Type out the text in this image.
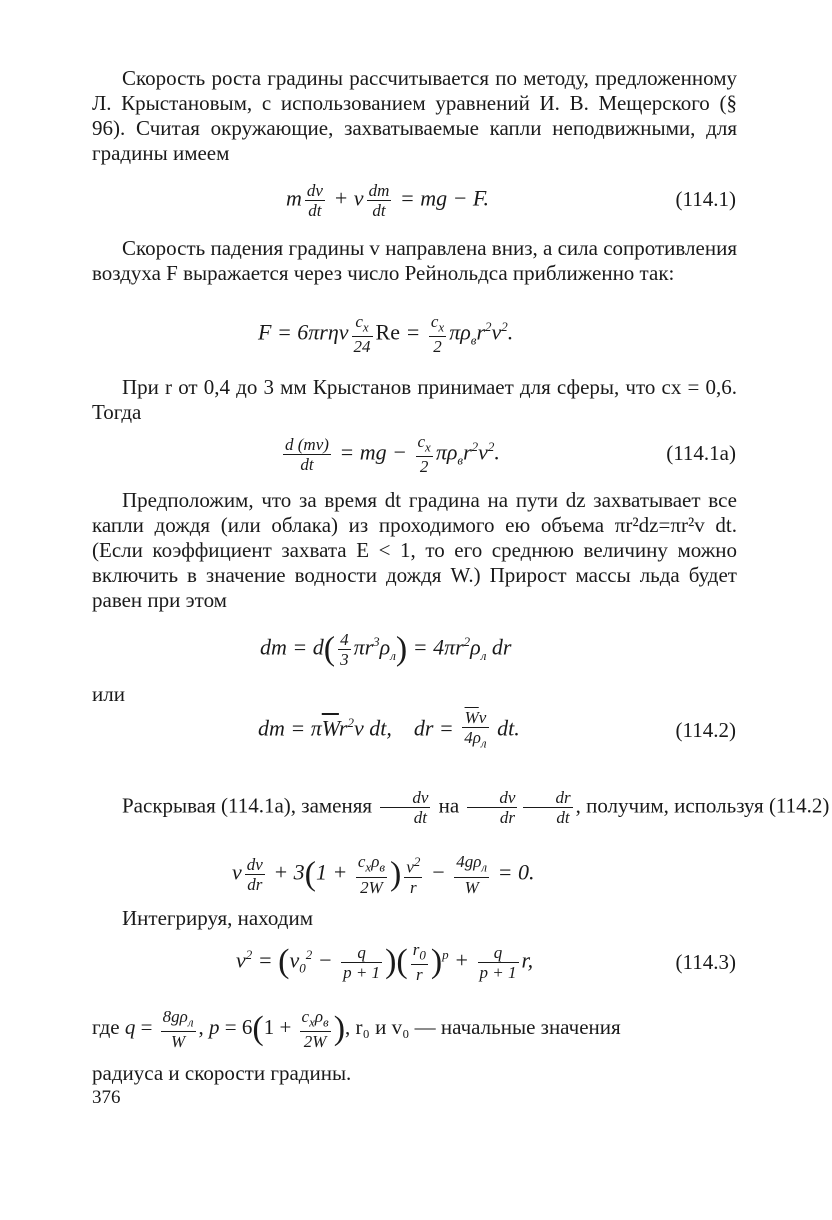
Скорость роста градины рассчитывается по методу, предложенному Л. Крыстановым, с использованием уравнений И. В. Мещерского (§ 96). Считая окружающие, захватываемые капли неподвижными, для градины имеем
m $\frac{dv}{dt} + v \frac{dm}{dt}$ = mg − F.	(114.1)
Скорость падения градины v направлена вниз, а сила сопротивления воздуха F выражается через число Рейнольдса приближенно так:
$F = 6\pi r\eta v \frac{c_x}{24}$ $Re = \frac{c_x}{2} \pi\rho_вr^2v^2$.
При r от 0,4 до 3 мм Крыстанов принимает для сферы, что cx = 0,6. Тогда
$\frac{d (mv)}{dt}$ = mg − $\frac{c_x}{2} \pi\rho_вr^2v^2$.	(114.1а)
Предположим, что за время dt градина на пути dz захватывает все капли дождя (или облака) из проходимого ею объема πr²dz=πr²v dt. (Если коэффициент захвата E < 1, то его среднюю величину можно включить в значение водности дождя W.) Прирост массы льда будет равен при этом
dm = $d( \frac{4}{3} \pi r^3\rho_л) = 4\pi r^2\rho_л$ dr
или
dm = $\pi\overline{W}r^2v$ dt,    dr = $\frac{\overline{W}v}{4\rho_л}$ dt.	(114.2)
Раскрывая (114.1а), заменяя $\frac{dv}{dt}$ на $\frac{dv}{dr} \frac{dr}{dt}$ , получим, используя (114.2)
v $\frac{dv}{dr} + 3(1 + \frac{c_x\rho_в}{2\overline{W}}$ ) $\frac{v^2}{r} - \frac{4g\rho_л}{W} = 0$.
Интегрируя, находим
$v^2 = (v_0^2 - \frac{q}{p + 1}$ )( $\frac{r_0}{r} )^p + \frac{q}{p + 1} r$,	(114.3)
где $q = \frac{8g\rho_л}{W}$ , $p = 6(1 + \frac{c_x\rho_в}{2\overline{W}}$ ), r₀ и v₀ — начальные значения
радиуса и скорости градины.
376
